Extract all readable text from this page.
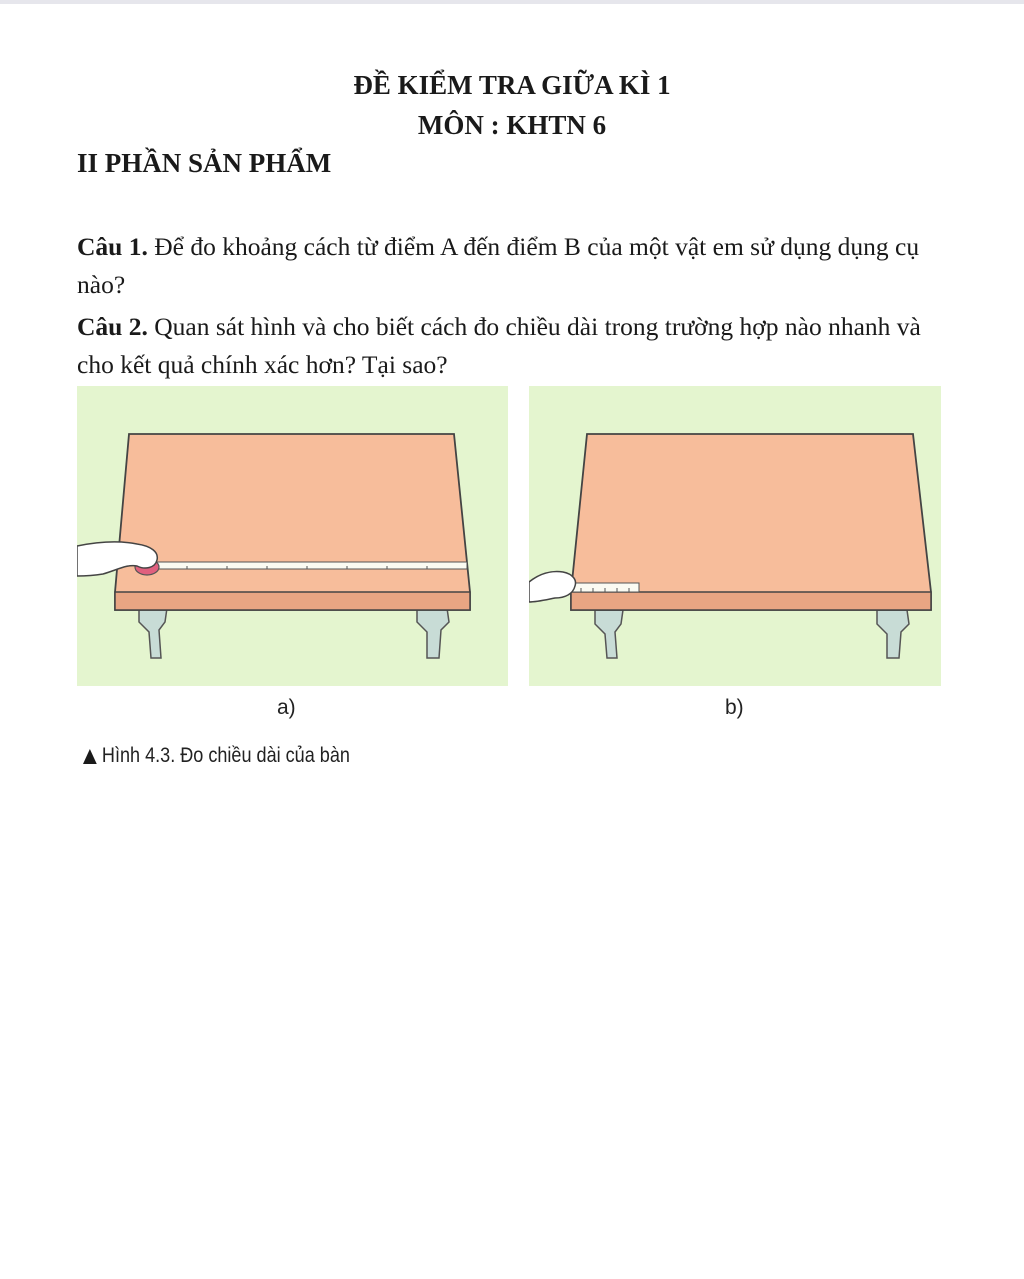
ĐỀ KIỂM TRA GIỮA KÌ 1
MÔN : KHTN 6
II PHẦN SẢN PHẨM

Câu 1. Để đo khoảng cách từ điểm A đến điểm B của một vật em sử dụng dụng cụ nào?

Câu 2. Quan sát hình và cho biết cách đo chiều dài trong trường hợp nào nhanh và cho kết quả chính xác hơn? Tại sao?

a)	b)
Hình 4.3. Đo chiều dài của bàn
